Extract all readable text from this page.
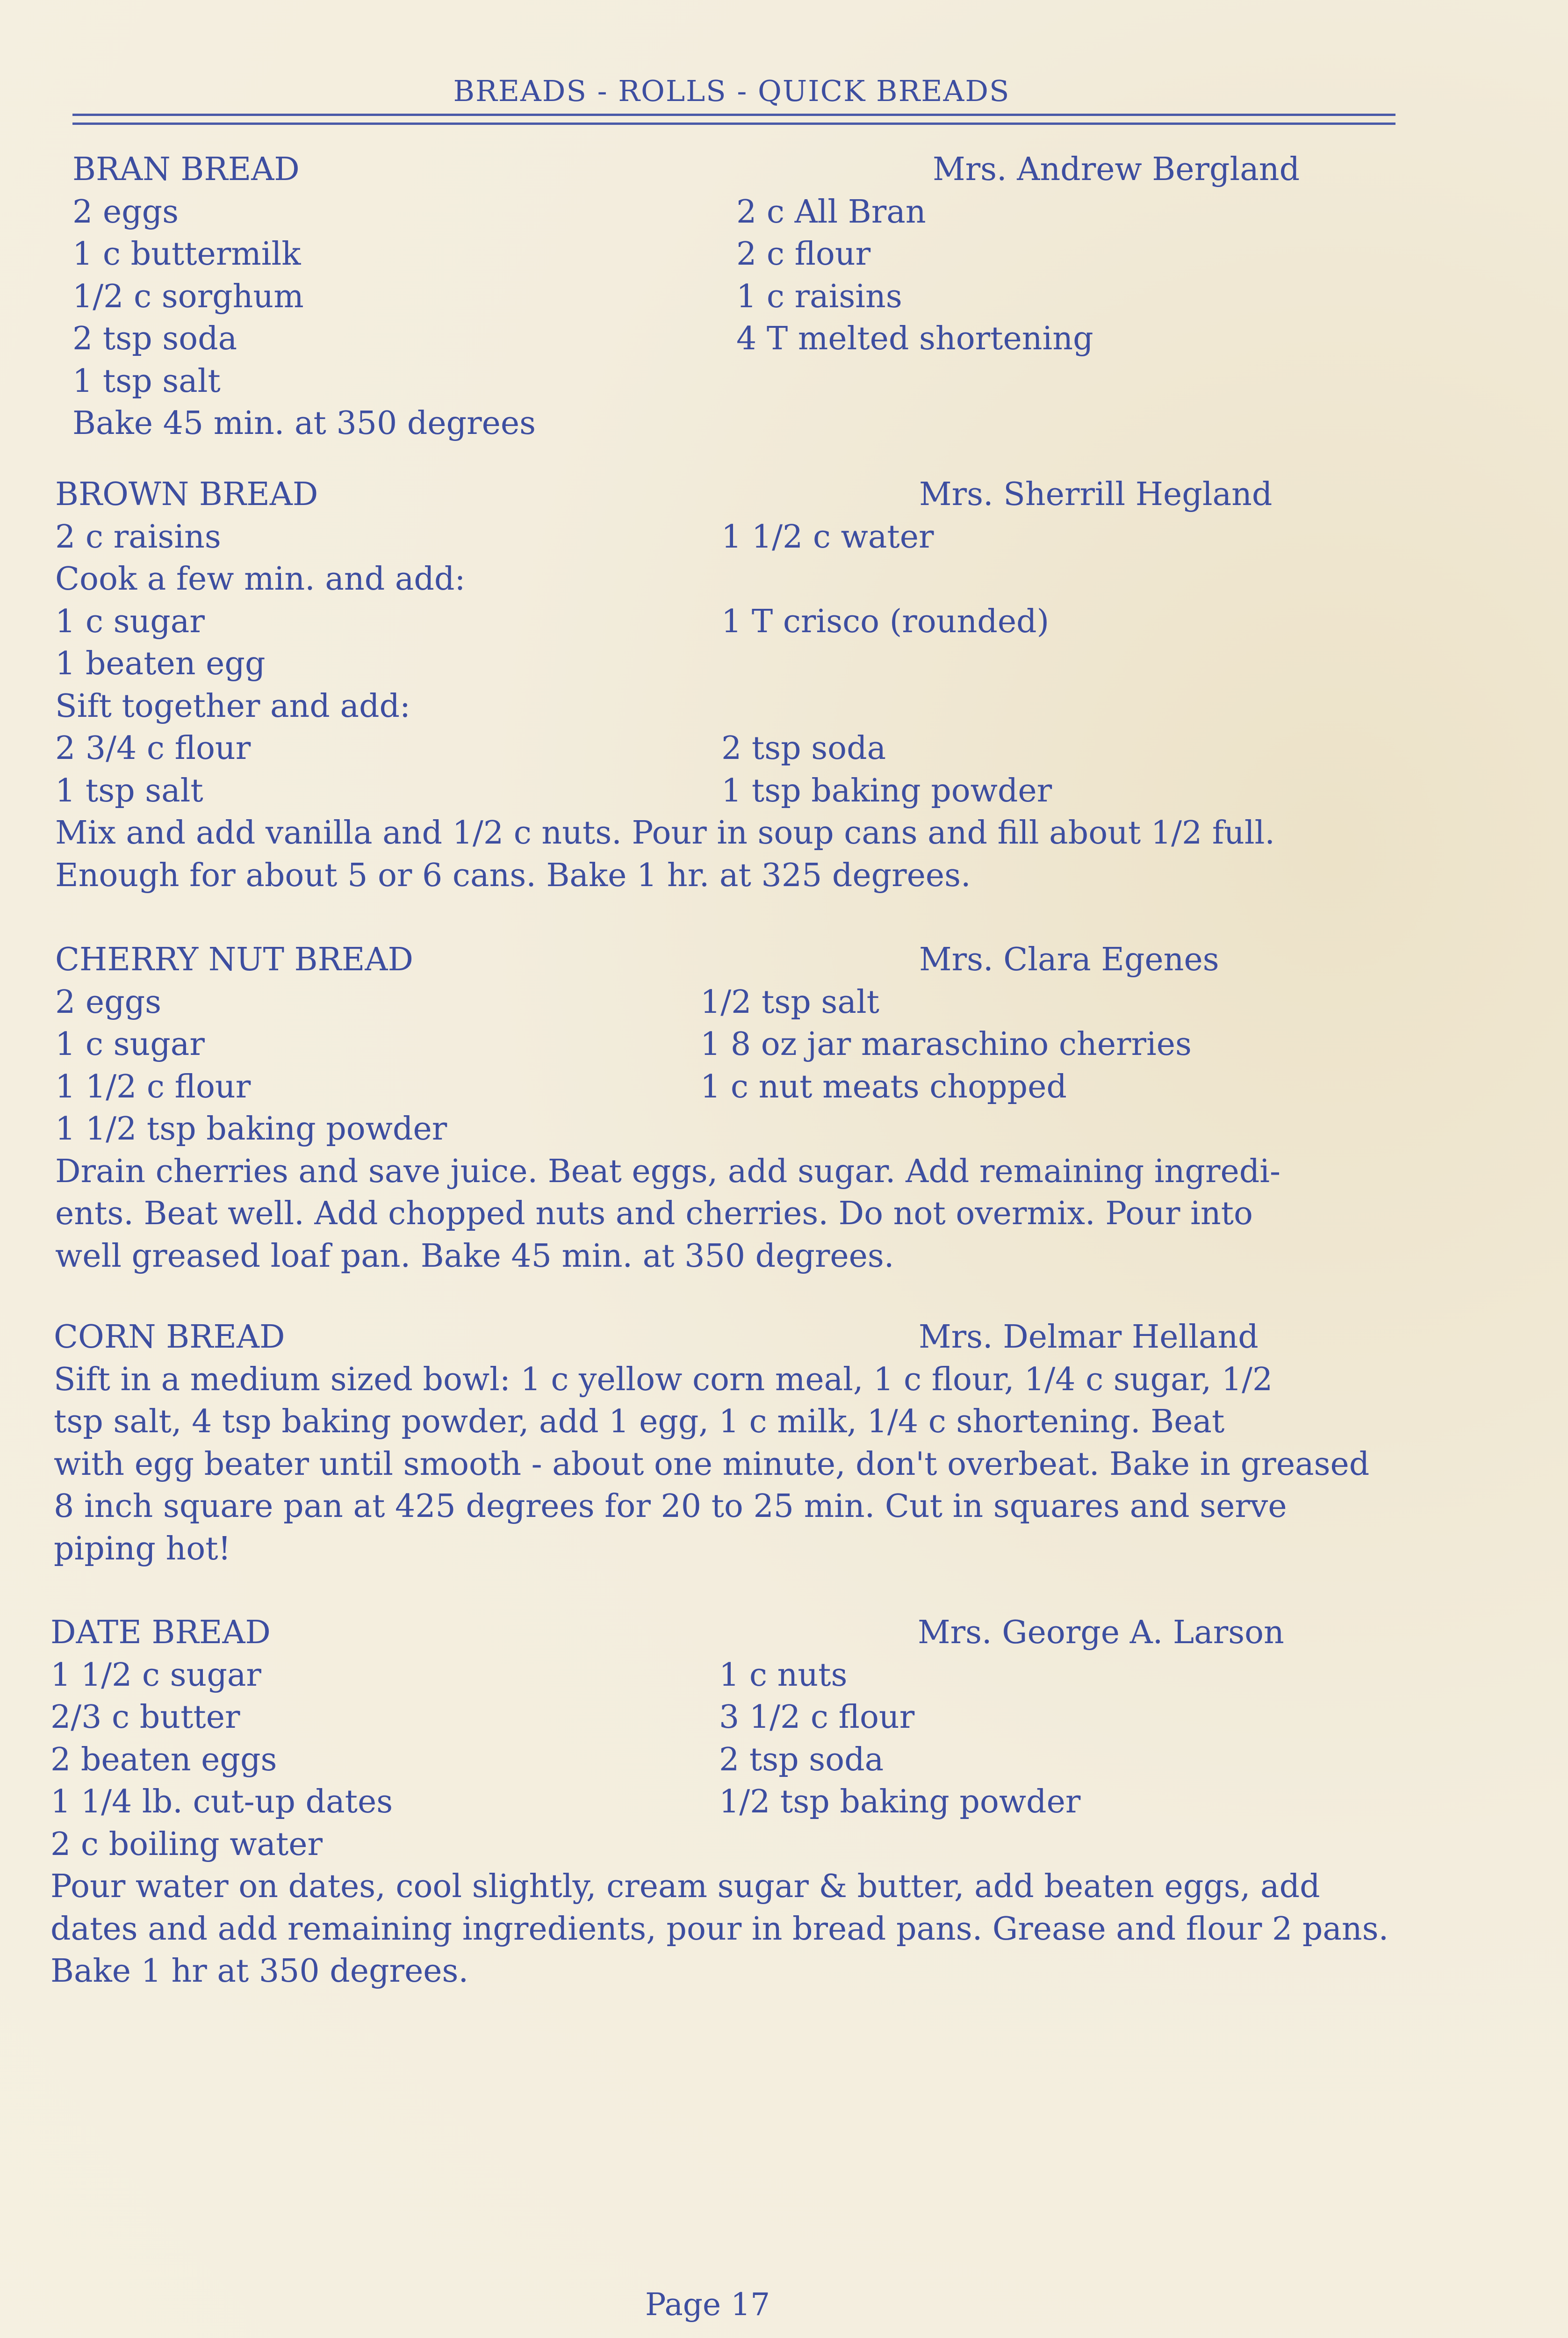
BREADS - ROLLS - QUICK BREADS
BRAN BREAD	Mrs. Andrew Bergland
2 eggs	2 c All Bran
1 c buttermilk	2 c flour
1/2 c sorghum	1 c raisins
2 tsp soda	4 T melted shortening
1 tsp salt
Bake 45 min. at 350 degrees
BROWN BREAD	Mrs. Sherrill Hegland
2 c raisins	1 1/2 c water
Cook a few min. and add:
1 c sugar	1 T crisco (rounded)
1 beaten egg
Sift together and add:
2 3/4 c flour	2 tsp soda
1 tsp salt	1 tsp baking powder
Mix and add vanilla and 1/2 c nuts. Pour in soup cans and fill about 1/2 full.
Enough for about 5 or 6 cans. Bake 1 hr. at 325 degrees.
CHERRY NUT BREAD	Mrs. Clara Egenes
2 eggs	1/2 tsp salt
1 c sugar	1 8 oz jar maraschino cherries
1 1/2 c flour	1 c nut meats chopped
1 1/2 tsp baking powder
Drain cherries and save juice. Beat eggs, add sugar. Add remaining ingredi-
ents. Beat well. Add chopped nuts and cherries. Do not overmix. Pour into
well greased loaf pan. Bake 45 min. at 350 degrees.
CORN BREAD	Mrs. Delmar Helland
Sift in a medium sized bowl: 1 c yellow corn meal, 1 c flour, 1/4 c sugar, 1/2
tsp salt, 4 tsp baking powder, add 1 egg, 1 c milk, 1/4 c shortening. Beat
with egg beater until smooth - about one minute, don't overbeat. Bake in greased
8 inch square pan at 425 degrees for 20 to 25 min. Cut in squares and serve
piping hot!
DATE BREAD	Mrs. George A. Larson
1 1/2 c sugar	1 c nuts
2/3 c butter	3 1/2 c flour
2 beaten eggs	2 tsp soda
1 1/4 lb. cut-up dates	1/2 tsp baking powder
2 c boiling water
Pour water on dates, cool slightly, cream sugar & butter, add beaten eggs, add
dates and add remaining ingredients, pour in bread pans. Grease and flour 2 pans.
Bake 1 hr at 350 degrees.
Page 17
